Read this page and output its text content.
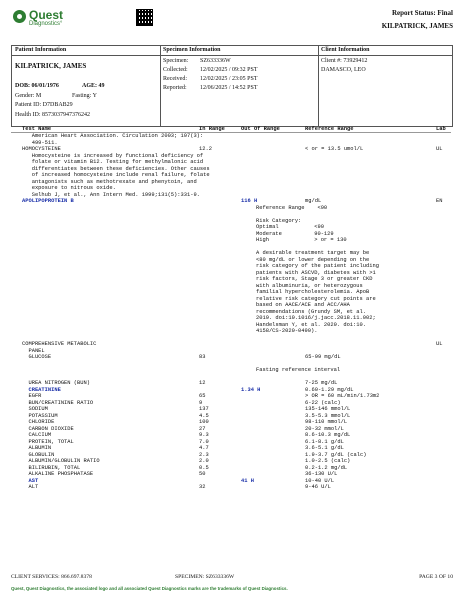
Quest
Diagnostics°
Report Status: Final
KILPATRICK, JAMES
Patient Information	Specimen Information	Client Information
KILPATRICK, JAMES
DOB: 06/01/1976	AGE: 49
Gender: M	Fasting: Y
Patient ID: D7DBAB29
Health ID: 8573037947376242
Specimen: SZ633336W
Collected: 12/02/2025 / 09:32 PST
Received: 12/02/2025 / 23:05 PST
Reported: 12/06/2025 / 14:52 PST
Client #: 73929412
DAMASCO, LEO
Test Name	In Range	Out Of Range	Reference Range	Lab
American Heart Association. Circulation 2003; 107(3):
499-511.
HOMOCYSTEINE	12.2	< or = 13.5 umol/L	UL
Homocysteine is increased by functional deficiency of
folate or vitamin B12. Testing for methylmalonic acid
differentiates between these deficiencies. Other causes
of increased homocysteine include renal failure, folate
antagonists such as methotrexate and phenytoin, and
exposure to nitrous oxide.
Selhub J, et al., Ann Intern Med. 1999;131(5):331-9.
APOLIPOPROTEIN B	116 H	mg/dL	EN
Reference Range    <90
Risk Category:
Optimal           <90
Moderate          90-129
High              > or = 130
A desirable treatment target may be
<80 mg/dL or lower depending on the
risk category of the patient including
patients with ASCVD, diabetes with >1
risk factors, Stage 3 or greater CKD
with albuminuria, or heterozygous
familial hypercholesterolemia. ApoB
relative risk category cut points are
based on AACE/ACE and ACC/AHA
recommendations (Grundy SM, et al.
2019. doi:10.1016/j.jacc.2018.11.002;
Handelsman Y, et al. 2020. doi:10.
4158/CS-2020-0490).
COMPREHENSIVE METABOLIC	UL
PANEL
GLUCOSE	83	65-99 mg/dL
Fasting reference interval
UREA NITROGEN (BUN)	12	7-25 mg/dL
CREATININE	1.34 H	0.60-1.29 mg/dL
EGFR	65	> OR = 60 mL/min/1.73m2
BUN/CREATININE RATIO	9	6-22 (calc)
SODIUM	137	135-146 mmol/L
POTASSIUM	4.5	3.5-5.3 mmol/L
CHLORIDE	100	98-110 mmol/L
CARBON DIOXIDE	27	20-32 mmol/L
CALCIUM	9.3	8.6-10.3 mg/dL
PROTEIN, TOTAL	7.0	6.1-8.1 g/dL
ALBUMIN	4.7	3.6-5.1 g/dL
GLOBULIN	2.3	1.9-3.7 g/dL (calc)
ALBUMIN/GLOBULIN RATIO	2.0	1.0-2.5 (calc)
BILIRUBIN, TOTAL	0.5	0.2-1.2 mg/dL
ALKALINE PHOSPHATASE	50	36-130 U/L
AST	41 H	10-40 U/L
ALT	32	9-46 U/L
CLIENT SERVICES: 866.697.8378	SPECIMEN: SZ633336W	PAGE 3 OF 10
Quest, Quest Diagnostics, the associated logo and all associated Quest Diagnostics marks are the trademarks of Quest Diagnostics.
